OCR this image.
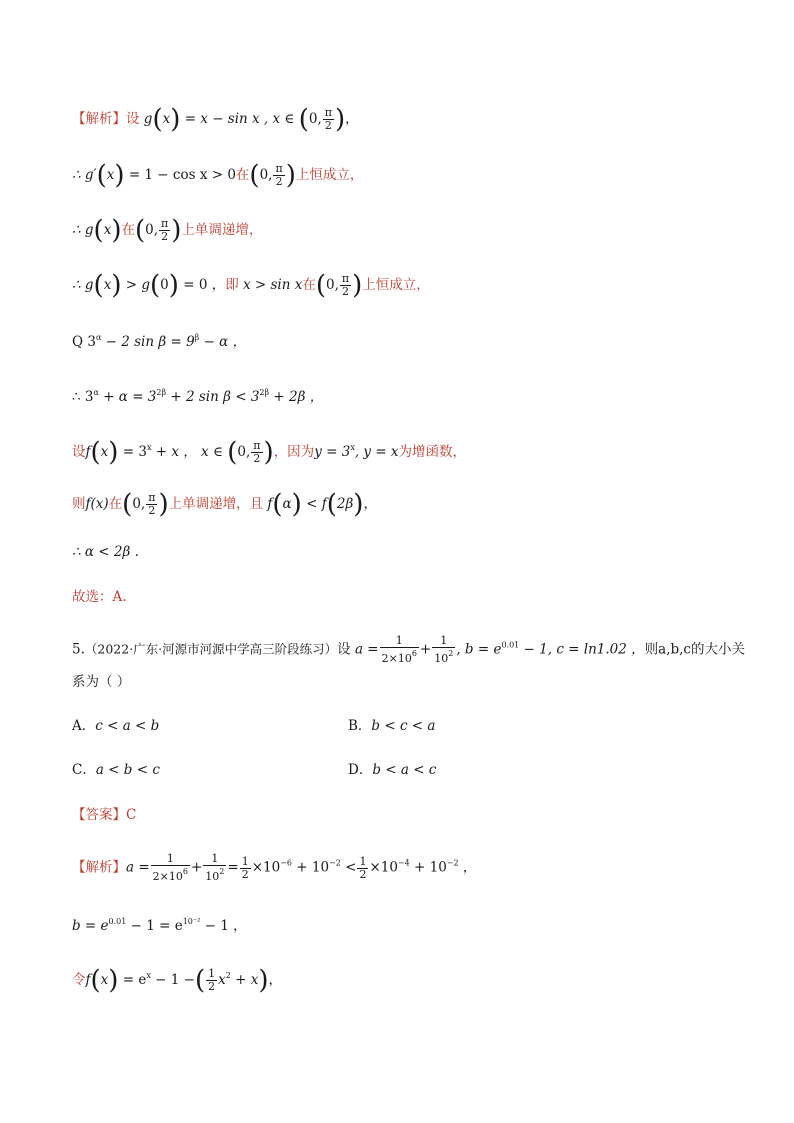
【解析】设 g(x) = x − sin x , x ∈ (0, $\frac{\pi}{2}$ )，
∴ g′(x) = 1 − cos x > 0在(0, $\frac{\pi}{2}$ )上恒成立，
∴ g(x)在(0, $\frac{\pi}{2}$ )上单调递增，
∴ g(x) > g(0) = 0 ，即 x > sin x在(0, $\frac{\pi}{2}$ )上恒成立，
Q $3^\alpha - 2$ $\sin \beta = 9^\beta - \alpha$ ，
∴ $3^\alpha + \alpha = 3^{2\beta} + 2$ $\sin \beta < 3^{2\beta} + 2\beta$ ，
设$f(x) = 3^x + x$ ， x ∈ (0, $\frac{\pi}{2}$ )，因为$y = 3^x$, y = x为增函数，
则f(x)在(0, $\frac{\pi}{2}$ )上单调递增，且 f(α) < f(2β)，
∴ α < 2β .
故选：A.
5.（2022·广东·河源市河源中学高三阶段练习）设 $a = \frac{1}{2\times 10^6} + \frac{1}{10^2}$ , $b = e^{0.01} - 1$, c = ln1.02 ，则a,b,c的大小关
系为（ ）
A．c < a < b	B．b < c < a
C．a < b < c	D．b < a < c
【答案】C
【解析】$a = \frac{1}{2\times 10^6} + \frac{1}{10^2} = \frac{1}{2} \times 10^{-6} + 10^{-2} < \frac{1}{2} \times 10^{-4} + 10^{-2}$ ，
$b = e^{0.01} - 1 = e^{10^{-2}} - 1$ ，
令$f(x) = e^x - 1$ −( $\frac{1}{2} x^2 + x$)，
